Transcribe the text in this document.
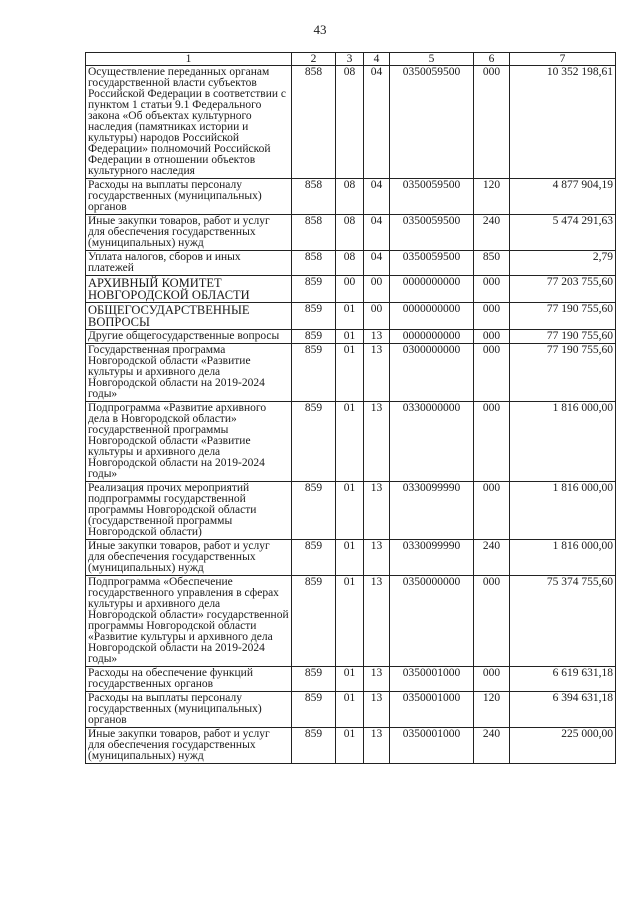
43
1	2	3	4	5	6	7
Осуществление переданных органам государственной власти субъектов Российской Федерации в соответствии с пунктом 1 статьи 9.1 Федерального закона «Об объектах культурного наследия (памятниках истории и культуры) народов Российской Федерации» полномочий Российской Федерации в отношении объектов культурного наследия	858	08	04	0350059500	000	10 352 198,61
Расходы на выплаты персоналу государственных (муниципальных) органов	858	08	04	0350059500	120	4 877 904,19
Иные закупки товаров, работ и услуг для обеспечения государственных (муниципальных) нужд	858	08	04	0350059500	240	5 474 291,63
Уплата налогов, сборов и иных платежей	858	08	04	0350059500	850	2,79
АРХИВНЫЙ КОМИТЕТ НОВГОРОДСКОЙ ОБЛАСТИ	859	00	00	0000000000	000	77 203 755,60
ОБЩЕГОСУДАРСТВЕННЫЕ ВОПРОСЫ	859	01	00	0000000000	000	77 190 755,60
Другие общегосударственные вопросы	859	01	13	0000000000	000	77 190 755,60
Государственная программа Новгородской области «Развитие культуры и архивного дела Новгородской области на 2019-2024 годы»	859	01	13	0300000000	000	77 190 755,60
Подпрограмма «Развитие архивного дела в Новгородской области» государственной программы Новгородской области «Развитие культуры и архивного дела Новгородской области на 2019-2024 годы»	859	01	13	0330000000	000	1 816 000,00
Реализация прочих мероприятий подпрограммы государственной программы Новгородской области (государственной программы Новгородской области)	859	01	13	0330099990	000	1 816 000,00
Иные закупки товаров, работ и услуг для обеспечения государственных (муниципальных) нужд	859	01	13	0330099990	240	1 816 000,00
Подпрограмма «Обеспечение государственного управления в сферах культуры и архивного дела Новгородской области» государственной программы Новгородской области «Развитие культуры и архивного дела Новгородской области на 2019-2024 годы»	859	01	13	0350000000	000	75 374 755,60
Расходы на обеспечение функций государственных органов	859	01	13	0350001000	000	6 619 631,18
Расходы на выплаты персоналу государственных (муниципальных) органов	859	01	13	0350001000	120	6 394 631,18
Иные закупки товаров, работ и услуг для обеспечения государственных (муниципальных) нужд	859	01	13	0350001000	240	225 000,00
